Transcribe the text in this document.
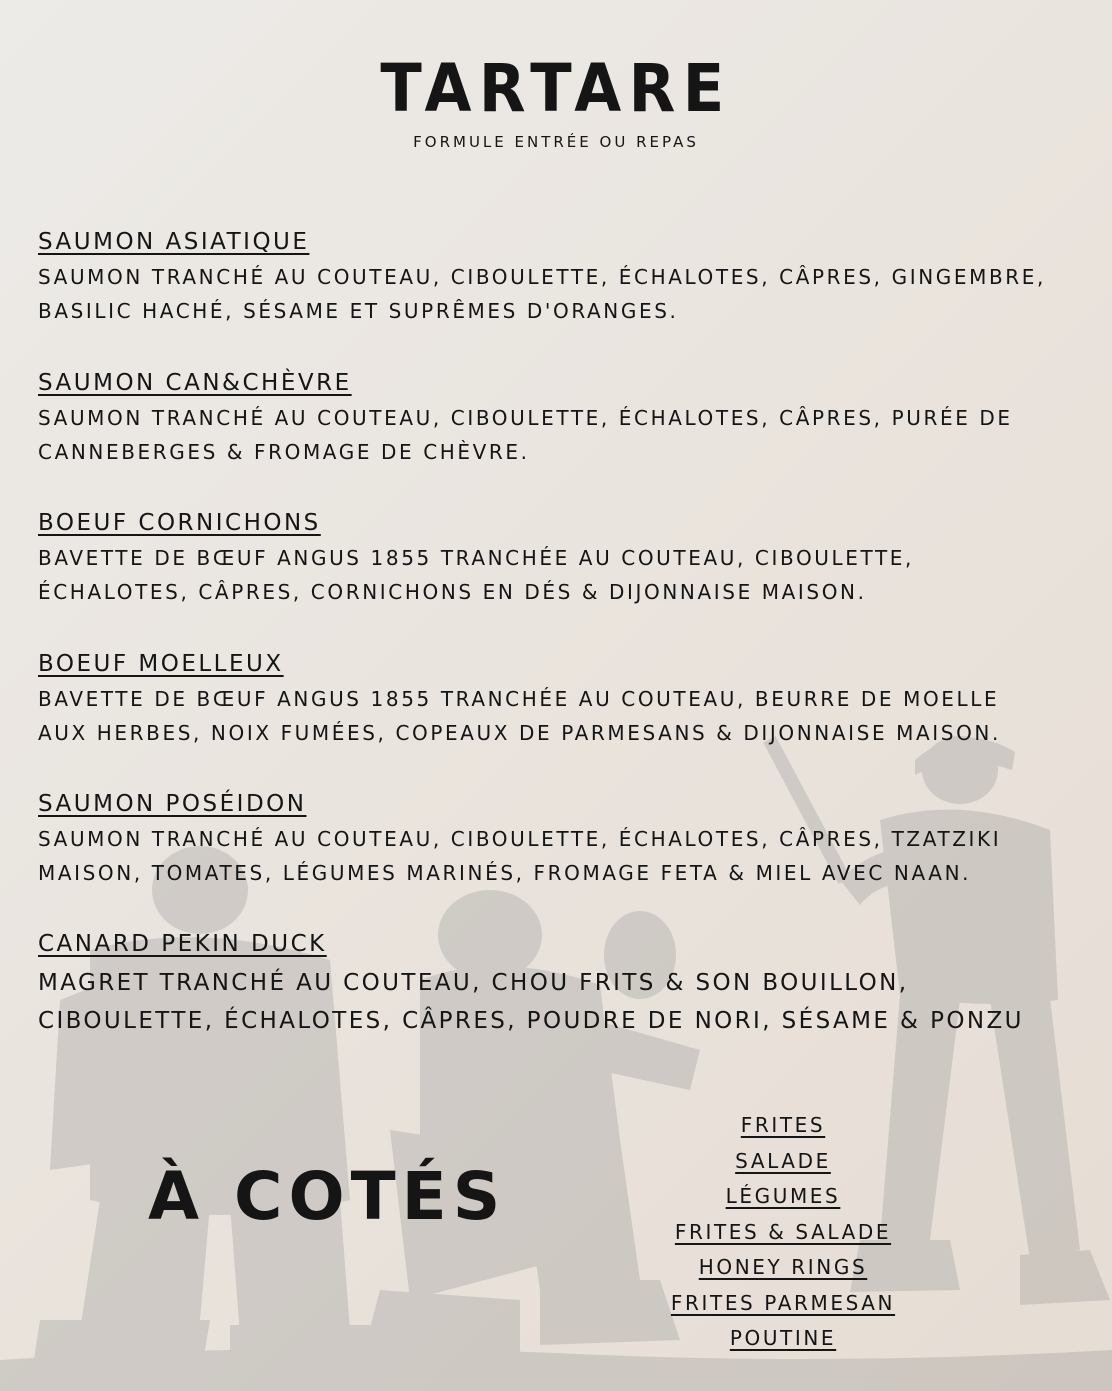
TARTARE
FORMULE ENTRÉE OU REPAS
SAUMON ASIATIQUE
SAUMON TRANCHÉ AU COUTEAU, CIBOULETTE, ÉCHALOTES, CÂPRES, GINGEMBRE,
BASILIC HACHÉ, SÉSAME ET SUPRÊMES D'ORANGES.
SAUMON CAN&CHÈVRE
SAUMON TRANCHÉ AU COUTEAU, CIBOULETTE, ÉCHALOTES, CÂPRES, PURÉE DE
CANNEBERGES & FROMAGE DE CHÈVRE.
BOEUF CORNICHONS
BAVETTE DE BŒUF ANGUS 1855 TRANCHÉE AU COUTEAU, CIBOULETTE,
ÉCHALOTES, CÂPRES, CORNICHONS EN DÉS & DIJONNAISE MAISON.
BOEUF MOELLEUX
BAVETTE DE BŒUF ANGUS 1855 TRANCHÉE AU COUTEAU, BEURRE DE MOELLE
AUX HERBES, NOIX FUMÉES, COPEAUX DE PARMESANS & DIJONNAISE MAISON.
SAUMON POSÉIDON
SAUMON TRANCHÉ AU COUTEAU, CIBOULETTE, ÉCHALOTES, CÂPRES, TZATZIKI
MAISON, TOMATES, LÉGUMES MARINÉS, FROMAGE FETA & MIEL AVEC NAAN.
CANARD PEKIN DUCK
MAGRET TRANCHÉ AU COUTEAU, CHOU FRITS & SON BOUILLON,
CIBOULETTE, ÉCHALOTES, CÂPRES, POUDRE DE NORI, SÉSAME & PONZU
À COTÉS
FRITES
SALADE
LÉGUMES
FRITES & SALADE
HONEY RINGS
FRITES PARMESAN
POUTINE
